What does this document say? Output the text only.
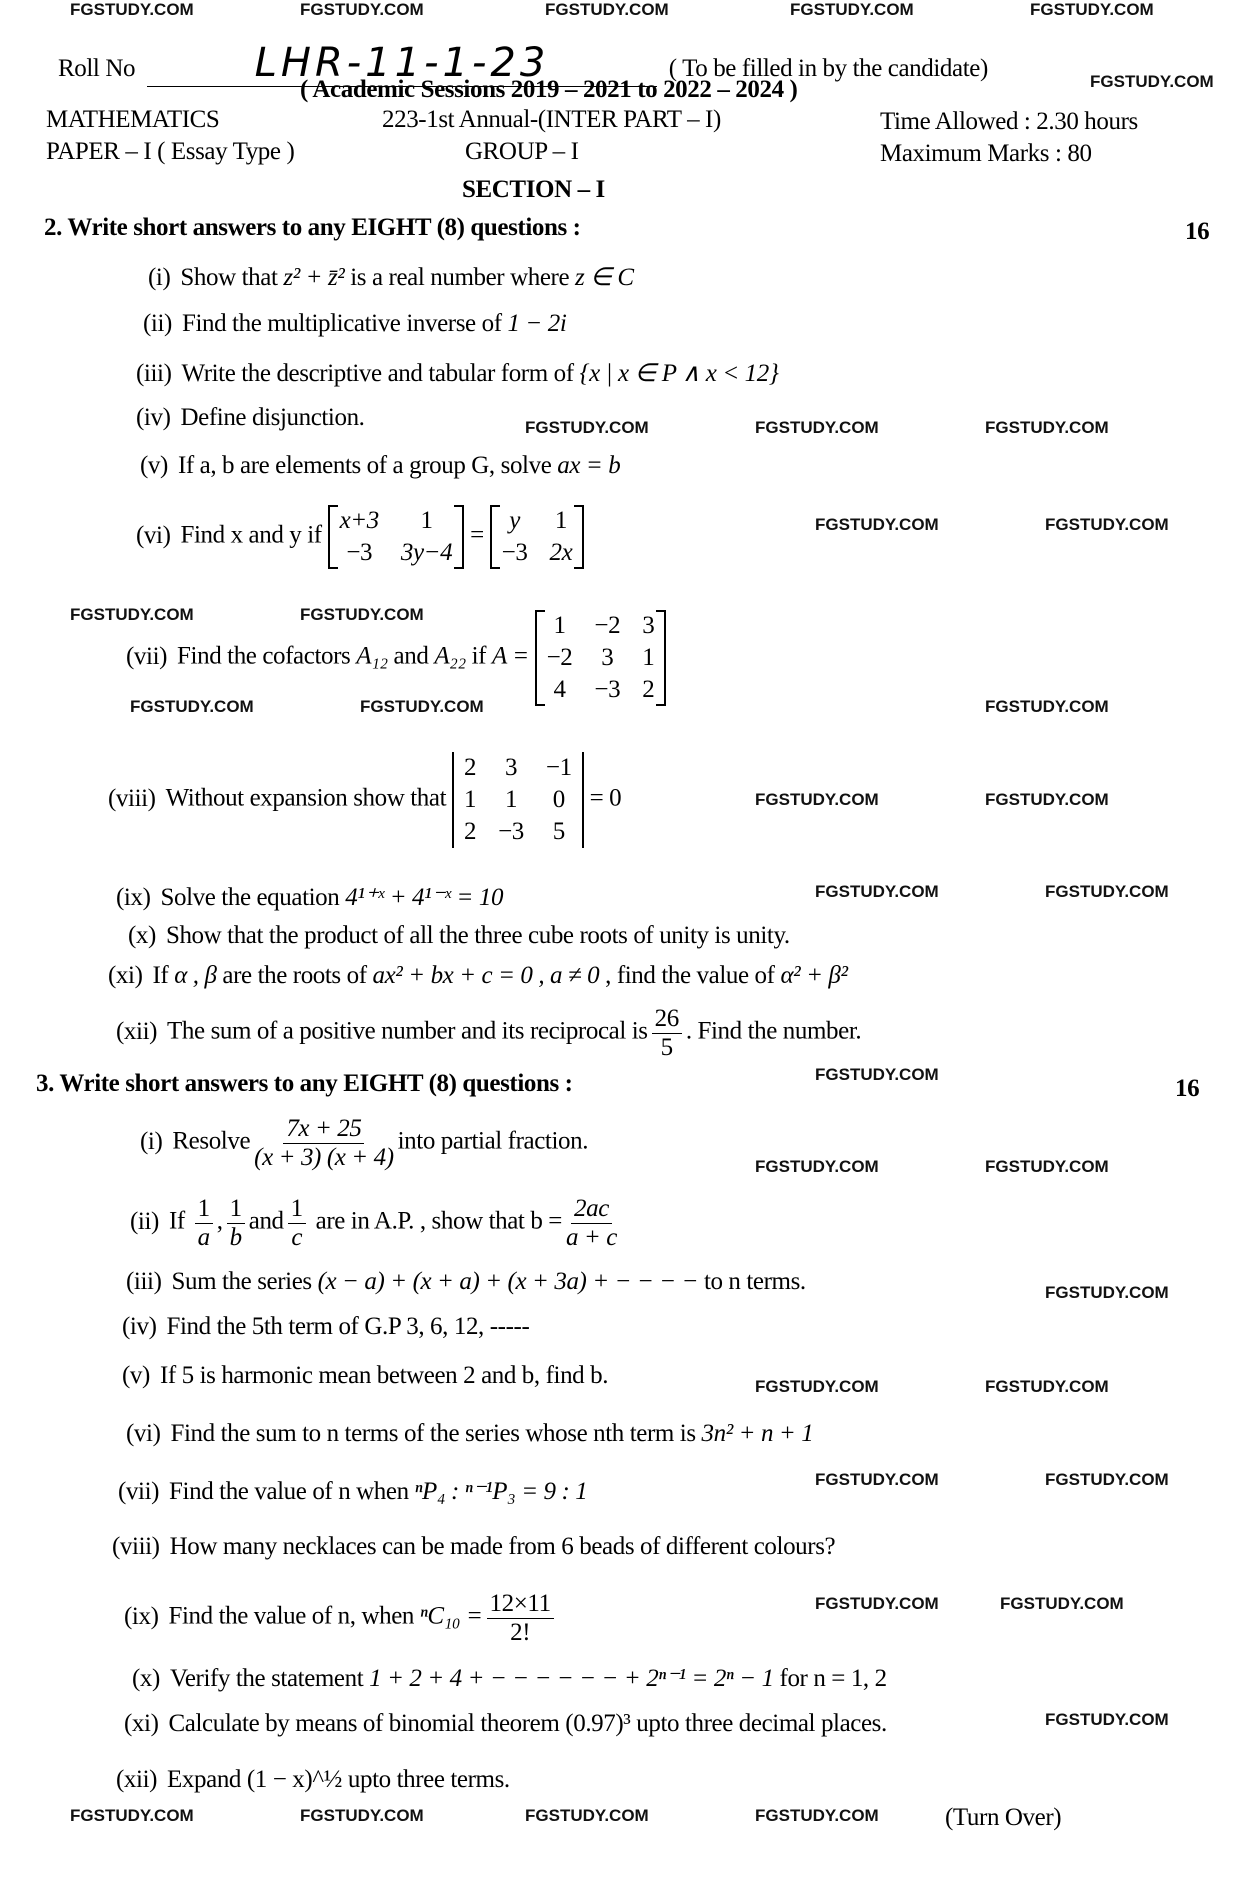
FGSTUDY.COM	FGSTUDY.COM	FGSTUDY.COM	FGSTUDY.COM	FGSTUDY.COM
FGSTUDY.COM
FGSTUDY.COM	FGSTUDY.COM
FGSTUDY.COM	FGSTUDY.COM	FGSTUDY.COM
FGSTUDY.COM	FGSTUDY.COM
FGSTUDY.COM	FGSTUDY.COM	FGSTUDY.COM
FGSTUDY.COM	FGSTUDY.COM
FGSTUDY.COM	FGSTUDY.COM
FGSTUDY.COM
FGSTUDY.COM	FGSTUDY.COM
FGSTUDY.COM
FGSTUDY.COM	FGSTUDY.COM
FGSTUDY.COM	FGSTUDY.COM
FGSTUDY.COM	FGSTUDY.COM
FGSTUDY.COM
FGSTUDY.COM	FGSTUDY.COM	FGSTUDY.COM	FGSTUDY.COM
Roll No	LHR-11-1-23	( To be filled in by the candidate)
( Academic Sessions 2019 – 2021 to 2022 – 2024 )
MATHEMATICS	223-1st Annual-(INTER PART – I)	Time Allowed : 2.30 hours
PAPER – I ( Essay Type )	GROUP – I	Maximum Marks : 80
SECTION – I
2. Write short answers to any EIGHT (8) questions :	16
(i) Show that z² + z̄² is a real number where z ∈ C
(ii) Find the multiplicative inverse of 1 − 2i
(iii) Write the descriptive and tabular form of {x | x ∈ P ∧ x < 12}
(iv) Define disjunction.
(v) If a, b are elements of a group G, solve ax = b
(vi) Find x and y if
x+3	1
−3 3y−4
=
y	1
−3 2x
(vii) Find the cofactors A₁₂ and A₂₂ if A =
1 −2 3
−2 3 1
4 −3 2
(viii) Without expansion show that
2 3 −1
1 1 0
2 −3 5
= 0
(ix) Solve the equation 4¹⁺ˣ + 4¹⁻ˣ = 10
(x) Show that the product of all the three cube roots of unity is unity.
(xi) If α , β are the roots of ax² + bx + c = 0 , a ≠ 0 , find the value of α² + β²
(xii) The sum of a positive number and its reciprocal is $\frac{26}{5}$ . Find the number.
3. Write short answers to any EIGHT (8) questions :	16
(i) Resolve $\frac{7x + 25}{(x + 3) (x + 4)}$ into partial fraction.
(ii) If $\frac{1}{a}$ , $\frac{1}{b}$ and $\frac{1}{c}$ are in A.P. , show that $b = \frac{2ac}{a + c}$
(iii) Sum the series (x − a) + (x + a) + (x + 3a) + − − − − to n terms.
(iv) Find the 5th term of G.P 3, 6, 12, -----
(v) If 5 is harmonic mean between 2 and b, find b.
(vi) Find the sum to n terms of the series whose nth term is 3n² + n + 1
(vii) Find the value of n when ⁿP₄ : ⁿ⁻¹P₃ = 9 : 1
(viii) How many necklaces can be made from 6 beads of different colours?
(ix) Find the value of n, when $^nC_{10} = \frac{12\times 11}{2!}$
(x) Verify the statement 1 + 2 + 4 + − − − − − − + 2ⁿ⁻¹ = 2ⁿ − 1 for n = 1, 2
(xi) Calculate by means of binomial theorem (0.97)³ upto three decimal places.
(xii) Expand (1 − x)^½ upto three terms.
(Turn Over)
